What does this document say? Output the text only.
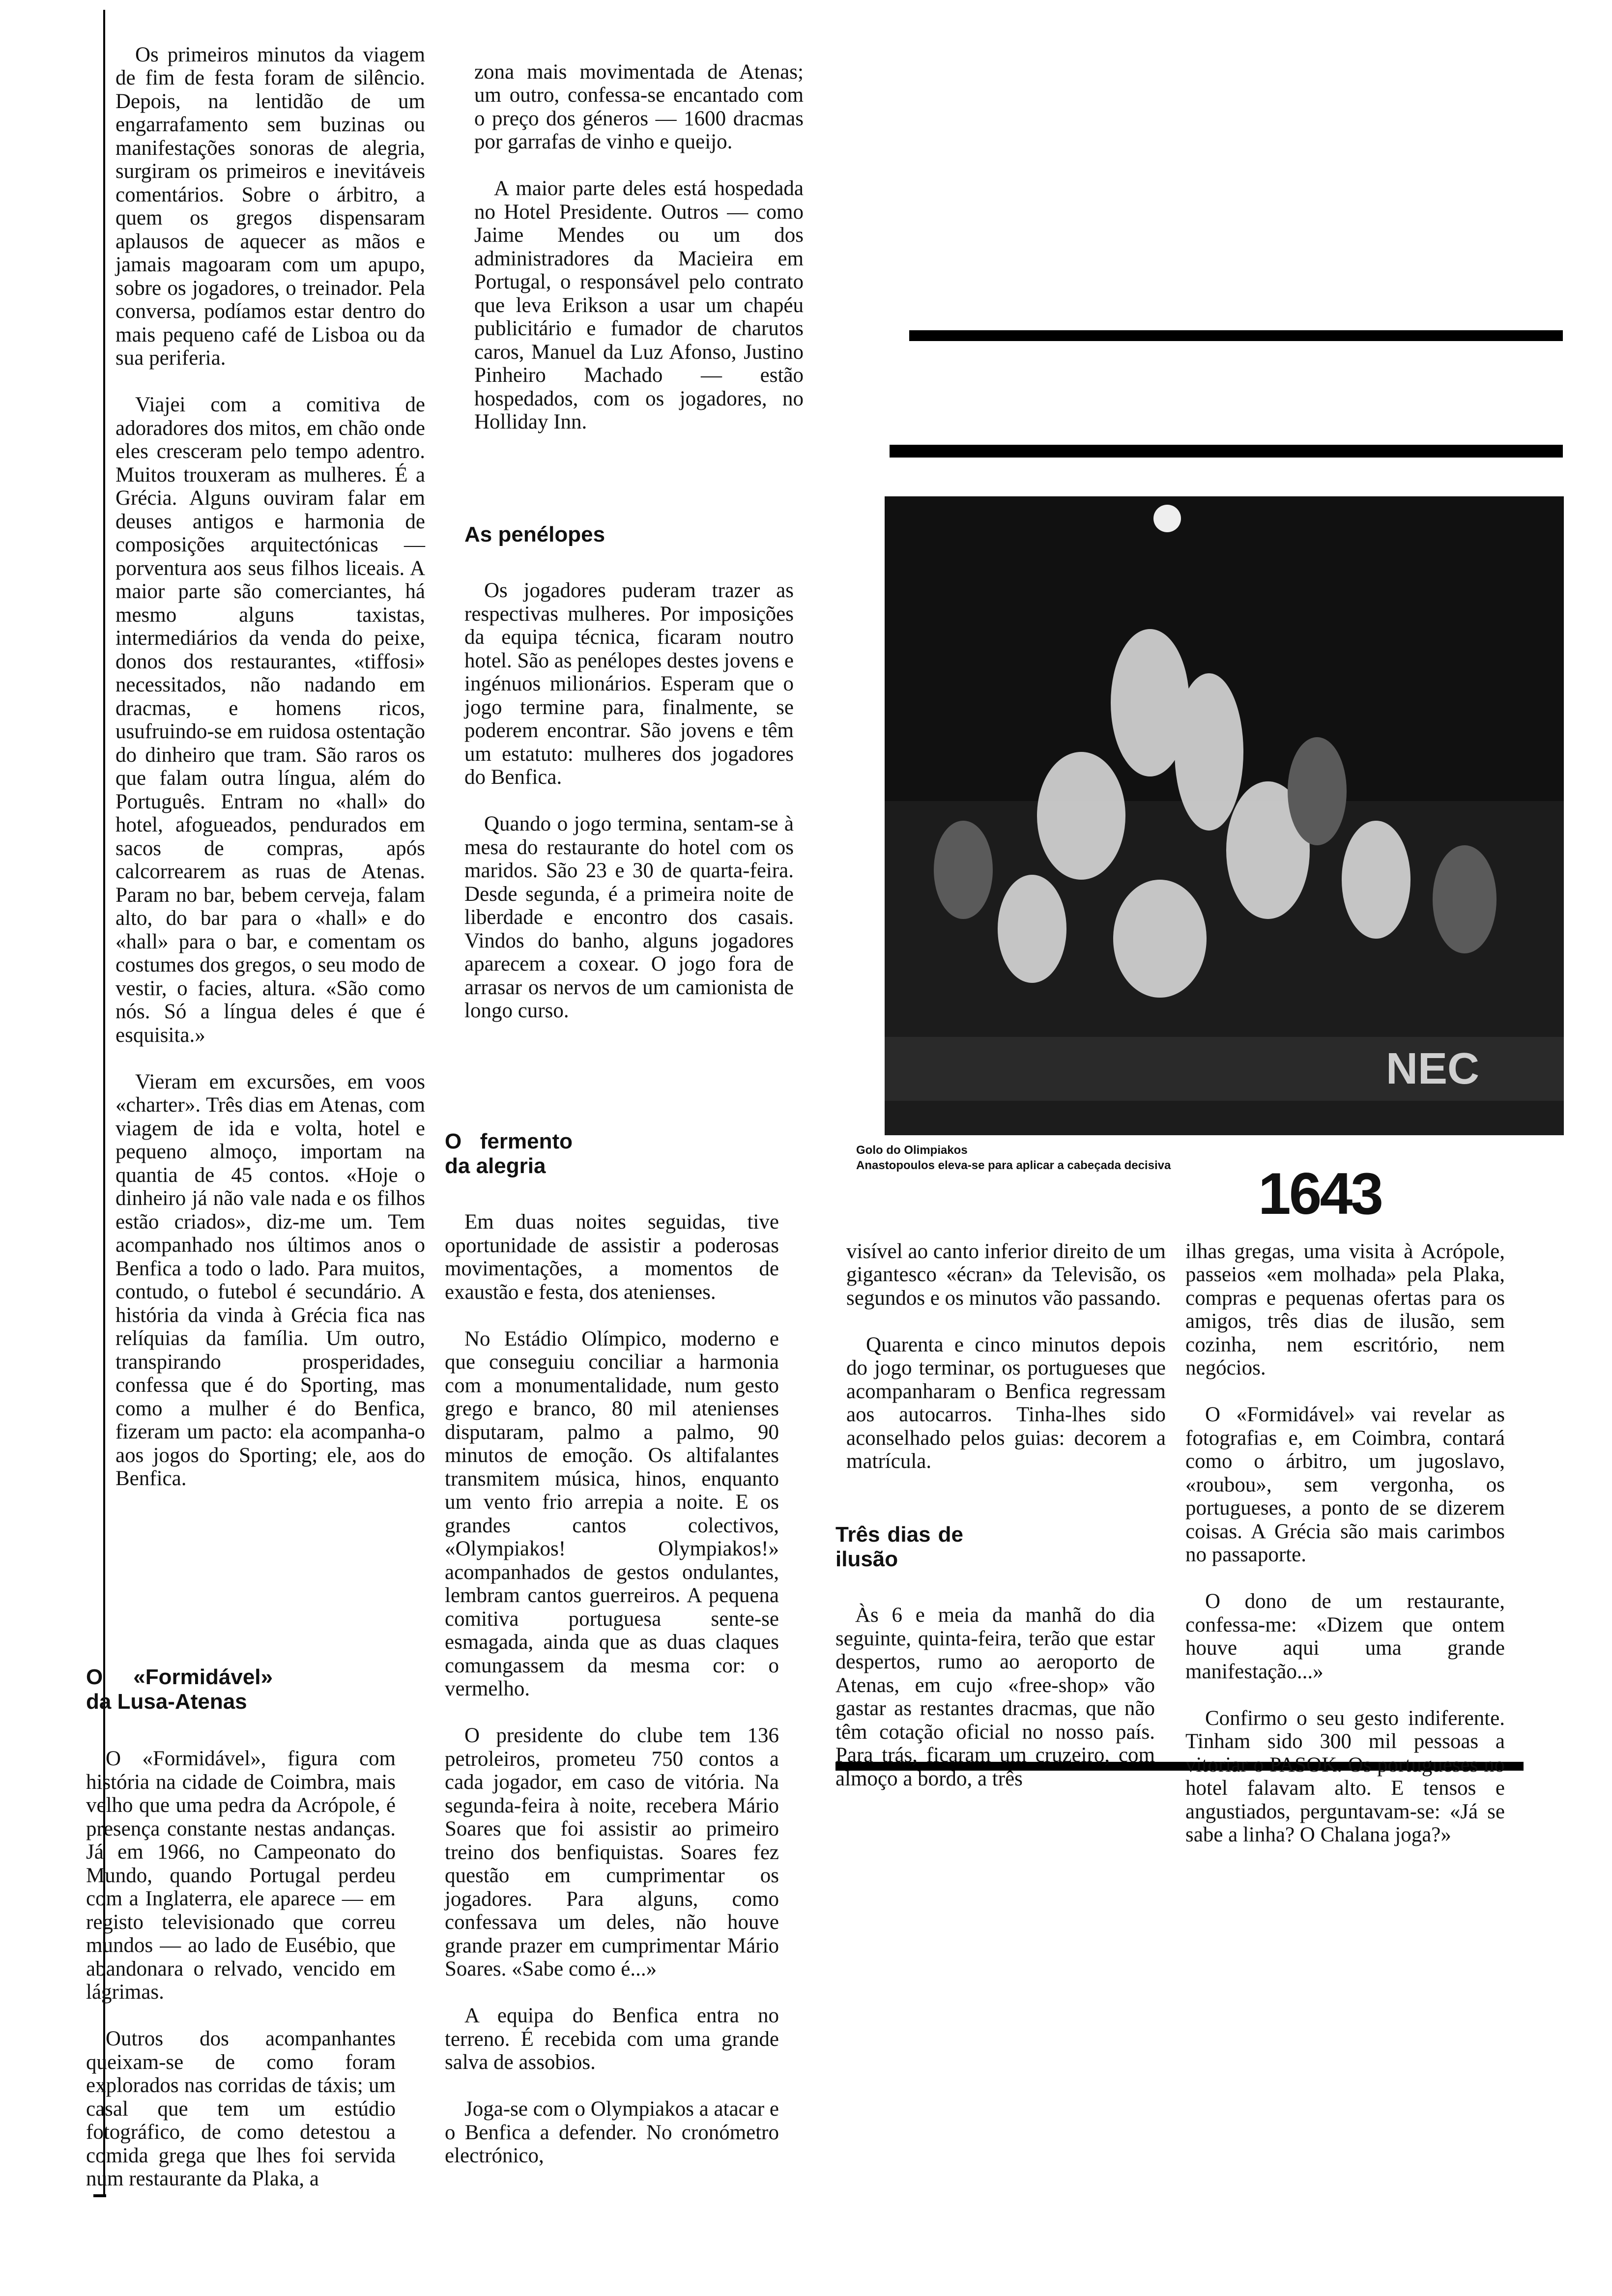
Os primeiros minutos da viagem de fim de festa foram de silêncio. Depois, na lentidão de um engarrafamento sem buzinas ou manifestações sonoras de alegria, surgiram os primeiros e inevitáveis comentários. Sobre o árbitro, a quem os gregos dispensaram aplausos de aquecer as mãos e jamais magoaram com um apupo, sobre os jogadores, o treinador. Pela conversa, podíamos estar dentro do mais pequeno café de Lisboa ou da sua periferia.

Viajei com a comitiva de adoradores dos mitos, em chão onde eles cresceram pelo tempo adentro. Muitos trouxeram as mulheres. É a Grécia. Alguns ouviram falar em deuses antigos e harmonia de composições arquitectónicas — porventura aos seus filhos liceais. A maior parte são comerciantes, há mesmo alguns taxistas, intermediários da venda do peixe, donos dos restaurantes, «tiffosi» necessitados, não nadando em dracmas, e homens ricos, usufruindo-se em ruidosa ostentação do dinheiro que tram. São raros os que falam outra língua, além do Português. Entram no «hall» do hotel, afogueados, pendurados em sacos de compras, após calcorrearem as ruas de Atenas. Param no bar, bebem cerveja, falam alto, do bar para o «hall» e do «hall» para o bar, e comentam os costumes dos gregos, o seu modo de vestir, o facies, altura. «São como nós. Só a língua deles é que é esquisita.»

Vieram em excursões, em voos «charter». Três dias em Atenas, com viagem de ida e volta, hotel e pequeno almoço, importam na quantia de 45 contos. «Hoje o dinheiro já não vale nada e os filhos estão criados», diz-me um. Tem acompanhado nos últimos anos o Benfica a todo o lado. Para muitos, contudo, o futebol é secundário. A história da vinda à Grécia fica nas relíquias da família. Um outro, transpirando prosperidades, confessa que é do Sporting, mas como a mulher é do Benfica, fizeram um pacto: ela acompanha-o aos jogos do Sporting; ele, aos do Benfica.

O «Formidável» da Lusa-Atenas

O «Formidável», figura com história na cidade de Coimbra, mais velho que uma pedra da Acrópole, é presença constante nestas andanças. Já em 1966, no Campeonato do Mundo, quando Portugal perdeu com a Inglaterra, ele aparece — em registo televisionado que correu mundos — ao lado de Eusébio, que abandonara o relvado, vencido em lágrimas.

Outros dos acompanhantes queixam-se de como foram explorados nas corridas de táxis; um casal que tem um estúdio fotográfico, de como detestou a comida grega que lhes foi servida num restaurante da Plaka, a

zona mais movimentada de Atenas; um outro, confessa-se encantado com o preço dos géneros — 1600 dracmas por garrafas de vinho e queijo.

A maior parte deles está hospedada no Hotel Presidente. Outros — como Jaime Mendes ou um dos administradores da Macieira em Portugal, o responsável pelo contrato que leva Erikson a usar um chapéu publicitário e fumador de charutos caros, Manuel da Luz Afonso, Justino Pinheiro Machado — estão hospedados, com os jogadores, no Holliday Inn.

As penélopes

Os jogadores puderam trazer as respectivas mulheres. Por imposições da equipa técnica, ficaram noutro hotel. São as penélopes destes jovens e ingénuos milionários. Esperam que o jogo termine para, finalmente, se poderem encontrar. São jovens e têm um estatuto: mulheres dos jogadores do Benfica.

Quando o jogo termina, sentam-se à mesa do restaurante do hotel com os maridos. São 23 e 30 de quarta-feira. Desde segunda, é a primeira noite de liberdade e encontro dos casais. Vindos do banho, alguns jogadores aparecem a coxear. O jogo fora de arrasar os nervos de um camionista de longo curso.

O fermento da alegria

Em duas noites seguidas, tive oportunidade de assistir a poderosas movimentações, a momentos de exaustão e festa, dos atenienses.

No Estádio Olímpico, moderno e que conseguiu conciliar a harmonia com a monumentalidade, num gesto grego e branco, 80 mil atenienses disputaram, palmo a palmo, 90 minutos de emoção. Os altifalantes transmitem música, hinos, enquanto um vento frio arrepia a noite. E os grandes cantos colectivos, «Olympiakos! Olympiakos!» acompanhados de gestos ondulantes, lembram cantos guerreiros. A pequena comitiva portuguesa sente-se esmagada, ainda que as duas claques comungassem da mesma cor: o vermelho.

O presidente do clube tem 136 petroleiros, prometeu 750 contos a cada jogador, em caso de vitória. Na segunda-feira à noite, recebera Mário Soares que foi assistir ao primeiro treino dos benfiquistas. Soares fez questão em cumprimentar os jogadores. Para alguns, como confessava um deles, não houve grande prazer em cumprimentar Mário Soares. «Sabe como é...»

A equipa do Benfica entra no terreno. É recebida com uma grande salva de assobios.

Joga-se com o Olympiakos a atacar e o Benfica a defender. No cronómetro electrónico,

NEC
Golo do Olimpiakos
Anastopoulos eleva-se para aplicar a cabeçada decisiva	1643

visível ao canto inferior direito de um gigantesco «écran» da Televisão, os segundos e os minutos vão passando.

Quarenta e cinco minutos depois do jogo terminar, os portugueses que acompanharam o Benfica regressam aos autocarros. Tinha-lhes sido aconselhado pelos guias: decorem a matrícula.

Três dias de ilusão

Às 6 e meia da manhã do dia seguinte, quinta-feira, terão que estar despertos, rumo ao aeroporto de Atenas, em cujo «free-shop» vão gastar as restantes dracmas, que não têm cotação oficial no nosso país. Para trás, ficaram um cruzeiro, com almoço a bordo, a três

ilhas gregas, uma visita à Acrópole, passeios «em molhada» pela Plaka, compras e pequenas ofertas para os amigos, três dias de ilusão, sem cozinha, nem escritório, nem negócios.

O «Formidável» vai revelar as fotografias e, em Coimbra, contará como o árbitro, um jugoslavo, «roubou», sem vergonha, os portugueses, a ponto de se dizerem coisas. A Grécia são mais carimbos no passaporte.

O dono de um restaurante, confessa-me: «Dizem que ontem houve aqui uma grande manifestação...»

Confirmo o seu gesto indiferente. Tinham sido 300 mil pessoas a vitoriar o PASOK. Os portugueses no hotel falavam alto. E tensos e angustiados, perguntavam-se: «Já se sabe a linha? O Chalana joga?»
